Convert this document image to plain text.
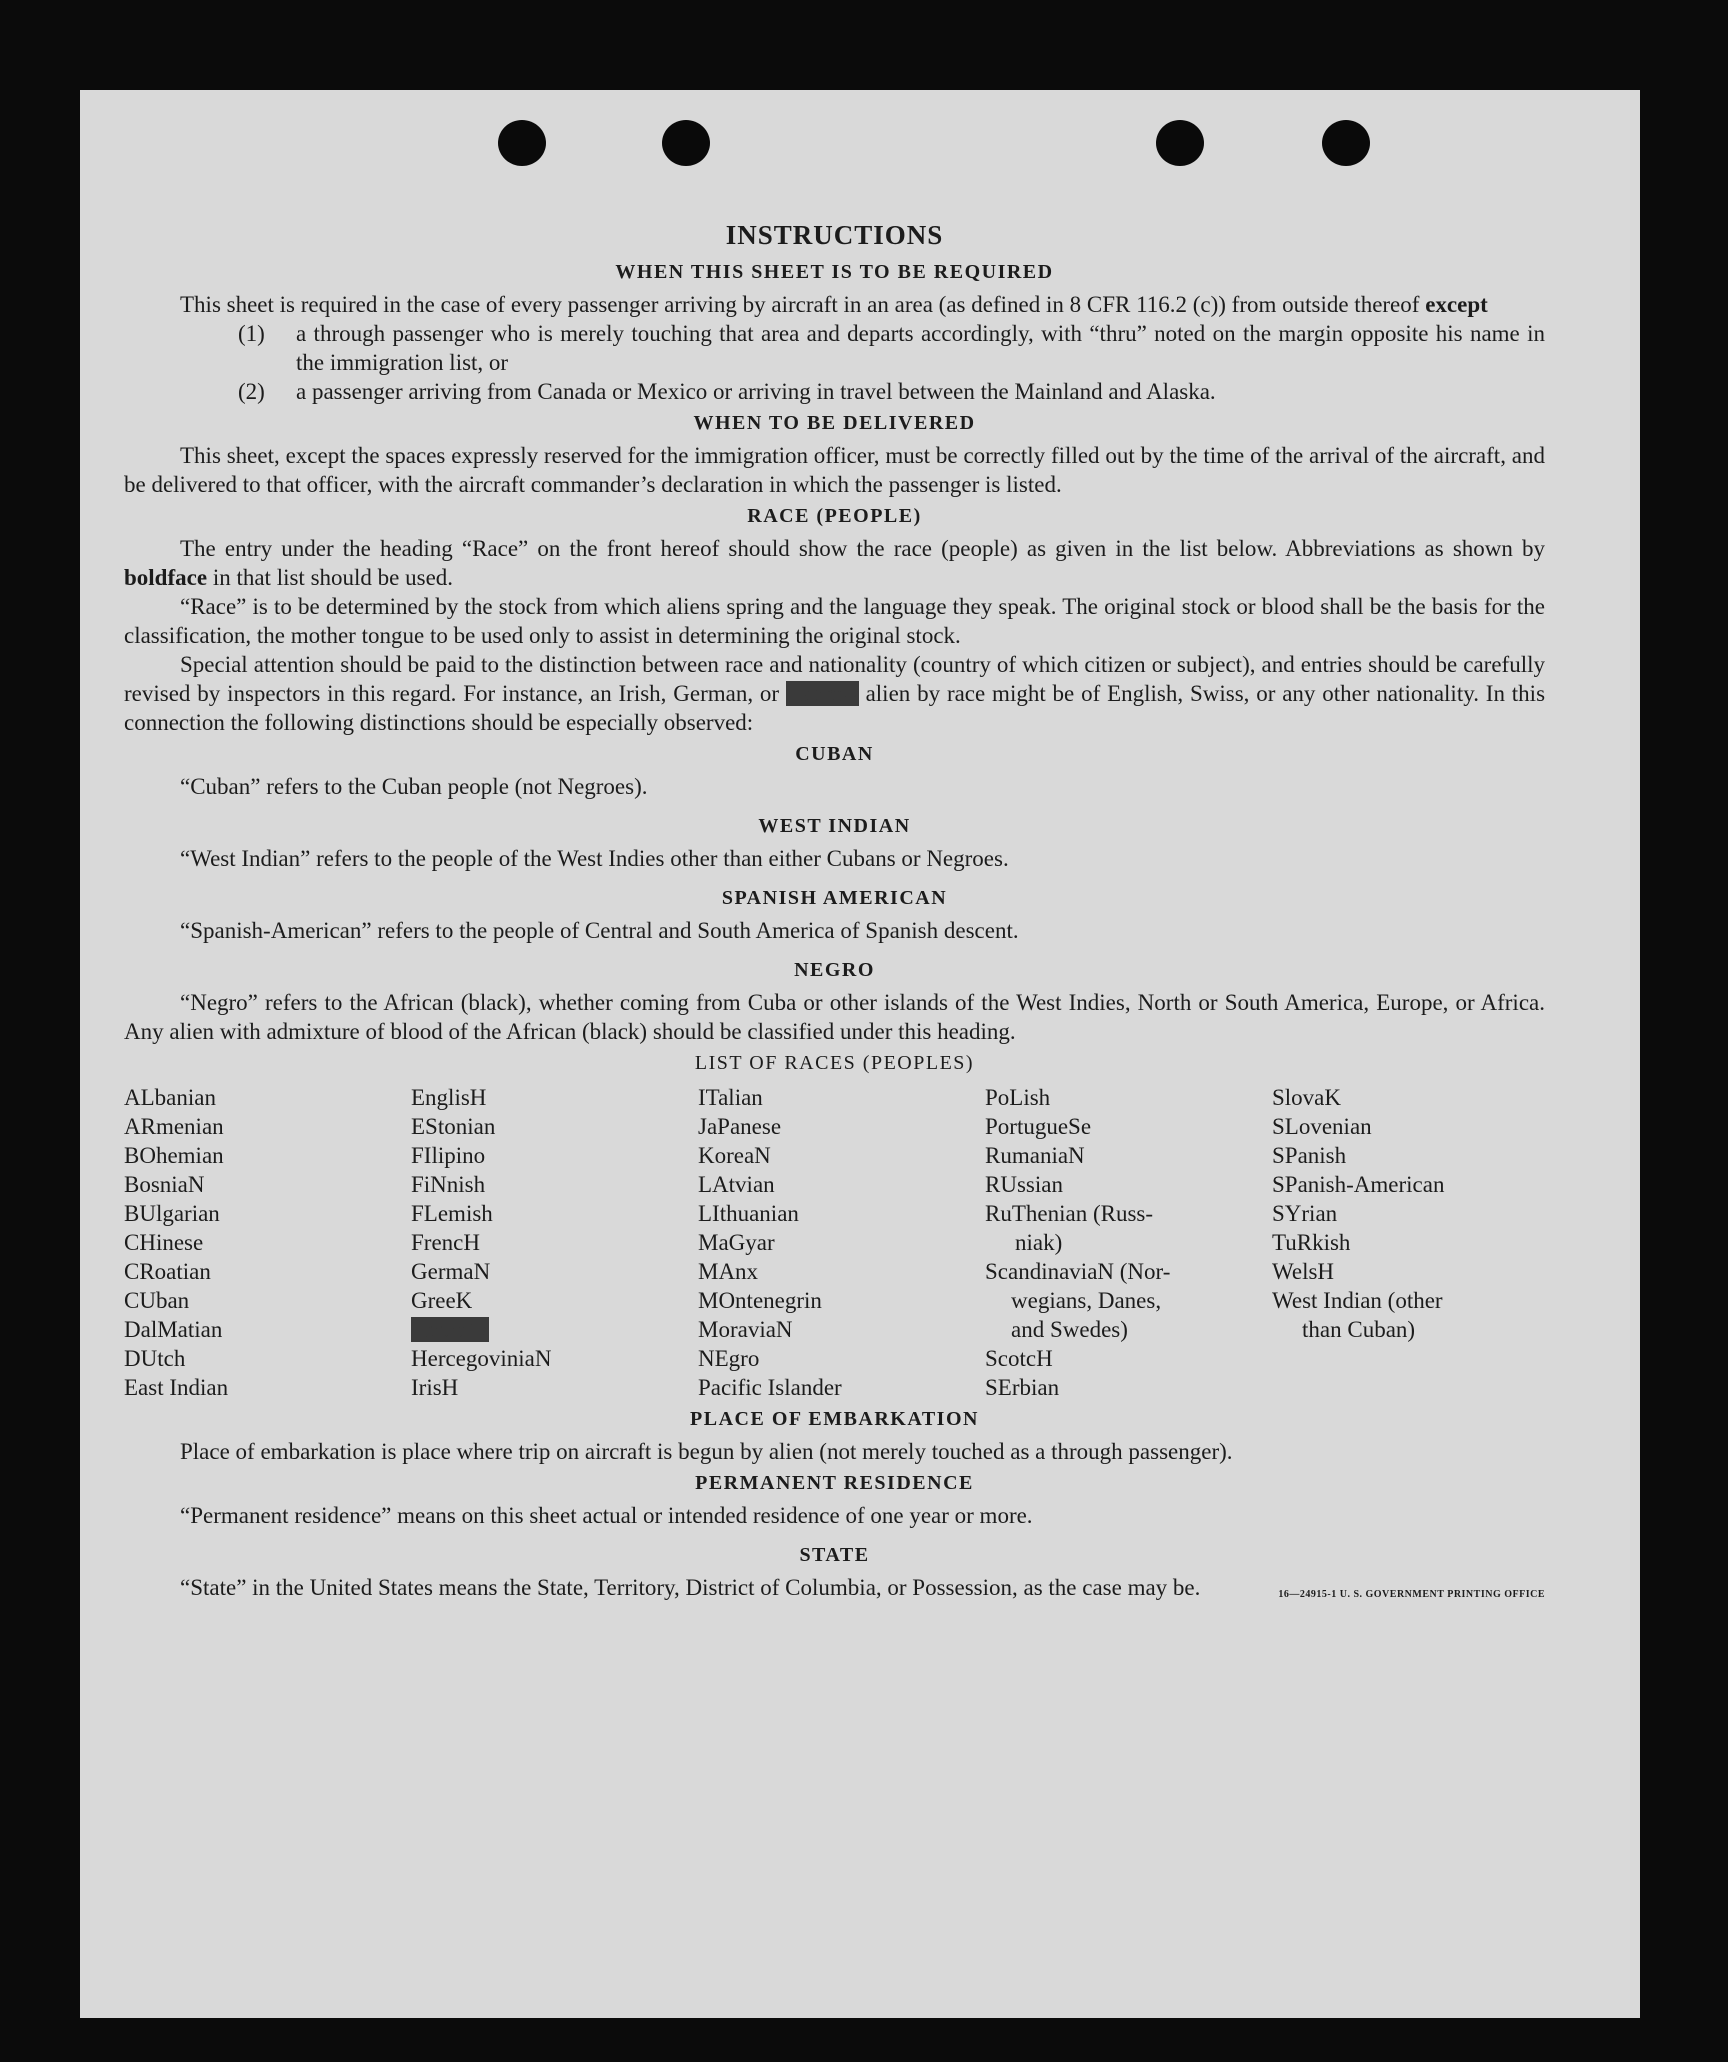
INSTRUCTIONS
WHEN THIS SHEET IS TO BE REQUIRED

This sheet is required in the case of every passenger arriving by aircraft in an area (as defined in 8 CFR 116.2 (c)) from outside thereof except

(1)	a through passenger who is merely touching that area and departs accordingly, with “thru” noted on the margin opposite his name in the immigration list, or
(2)	a passenger arriving from Canada or Mexico or arriving in travel between the Mainland and Alaska.
WHEN TO BE DELIVERED

This sheet, except the spaces expressly reserved for the immigration officer, must be correctly filled out by the time of the arrival of the aircraft, and be delivered to that officer, with the aircraft commander’s declaration in which the passenger is listed.

RACE (PEOPLE)

The entry under the heading “Race” on the front hereof should show the race (people) as given in the list below. Abbreviations as shown by boldface in that list should be used.

“Race” is to be determined by the stock from which aliens spring and the language they speak. The original stock or blood shall be the basis for the classification, the mother tongue to be used only to assist in determining the original stock.

Special attention should be paid to the distinction between race and nationality (country of which citizen or subject), and entries should be carefully revised by inspectors in this regard. For instance, an Irish, German, or Hebrew alien by race might be of English, Swiss, or any other nationality. In this connection the following distinctions should be especially observed:

CUBAN

“Cuban” refers to the Cuban people (not Negroes).

WEST INDIAN

“West Indian” refers to the people of the West Indies other than either Cubans or Negroes.

SPANISH AMERICAN

“Spanish-American” refers to the people of Central and South America of Spanish descent.

NEGRO

“Negro” refers to the African (black), whether coming from Cuba or other islands of the West Indies, North or South America, Europe, or Africa. Any alien with admixture of blood of the African (black) should be classified under this heading.

LIST OF RACES (PEOPLES)
ALbanian
ARmenian
BOhemian
BosniaN
BUlgarian
CHinese
CRoatian
CUban
DalMatian
DUtch
East Indian
EnglisH
EStonian
FIlipino
FiNnish
FLemish
FrencH
GermaN
GreeK
HebreW
HercegoviniaN
IrisH
ITalian
JaPanese
KoreaN
LAtvian
LIthuanian
MaGyar
MAnx
MOntenegrin
MoraviaN
NEgro
Pacific Islander
PoLish
PortugueSe
RumaniaN
RUssian
RuThenian (Russ-
niak)
ScandinaviaN (Nor-
wegians, Danes,
and Swedes)
ScotcH
SErbian
SlovaK
SLovenian
SPanish
SPanish-American
SYrian
TuRkish
WelsH
West Indian (other
than Cuban)
PLACE OF EMBARKATION

Place of embarkation is place where trip on aircraft is begun by alien (not merely touched as a through passenger).

PERMANENT RESIDENCE

“Permanent residence” means on this sheet actual or intended residence of one year or more.

STATE

“State” in the United States means the State, Territory, District of Columbia, or Possession, as the case may be.	16—24915-1 U. S. GOVERNMENT PRINTING OFFICE
